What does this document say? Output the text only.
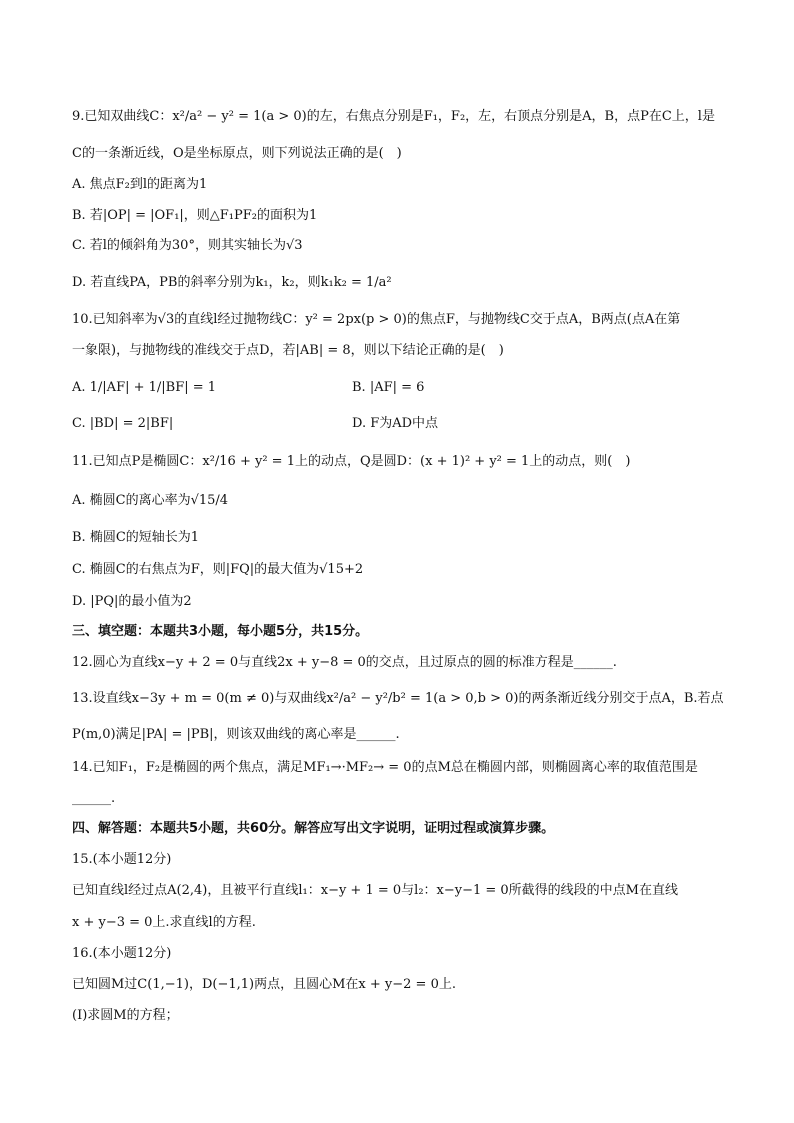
9.已知双曲线C：x²/a² − y² = 1(a > 0)的左，右焦点分别是F₁，F₂，左，右顶点分别是A，B，点P在C上，l是
C的一条渐近线，O是坐标原点，则下列说法正确的是(　)
A. 焦点F₂到l的距离为1
B. 若|OP| = |OF₁|，则△F₁PF₂的面积为1
C. 若l的倾斜角为30°，则其实轴长为√3
D. 若直线PA，PB的斜率分别为k₁，k₂，则k₁k₂ = 1/a²
10.已知斜率为√3的直线l经过抛物线C：y² = 2px(p > 0)的焦点F，与抛物线C交于点A，B两点(点A在第
一象限)，与抛物线的准线交于点D，若|AB| = 8，则以下结论正确的是(　)
A. 1/|AF| + 1/|BF| = 1	B. |AF| = 6
C. |BD| = 2|BF|	D. F为AD中点
11.已知点P是椭圆C：x²/16 + y² = 1上的动点，Q是圆D：(x + 1)² + y² = 1上的动点，则(　)
A. 椭圆C的离心率为√15/4
B. 椭圆C的短轴长为1
C. 椭圆C的右焦点为F，则|FQ|的最大值为√15+2
D. |PQ|的最小值为2
三、填空题：本题共3小题，每小题5分，共15分。
12.圆心为直线x−y + 2 = 0与直线2x + y−8 = 0的交点，且过原点的圆的标准方程是______.
13.设直线x−3y + m = 0(m ≠ 0)与双曲线x²/a² − y²/b² = 1(a > 0,b > 0)的两条渐近线分别交于点A，B.若点
P(m,0)满足|PA| = |PB|，则该双曲线的离心率是______.
14.已知F₁，F₂是椭圆的两个焦点，满足MF₁→·MF₂→ = 0的点M总在椭圆内部，则椭圆离心率的取值范围是
______.
四、解答题：本题共5小题，共60分。解答应写出文字说明，证明过程或演算步骤。
15.(本小题12分)
已知直线l经过点A(2,4)，且被平行直线l₁：x−y + 1 = 0与l₂：x−y−1 = 0所截得的线段的中点M在直线
x + y−3 = 0上.求直线l的方程.
16.(本小题12分)
已知圆M过C(1,−1)，D(−1,1)两点，且圆心M在x + y−2 = 0上.
(Ⅰ)求圆M的方程；
